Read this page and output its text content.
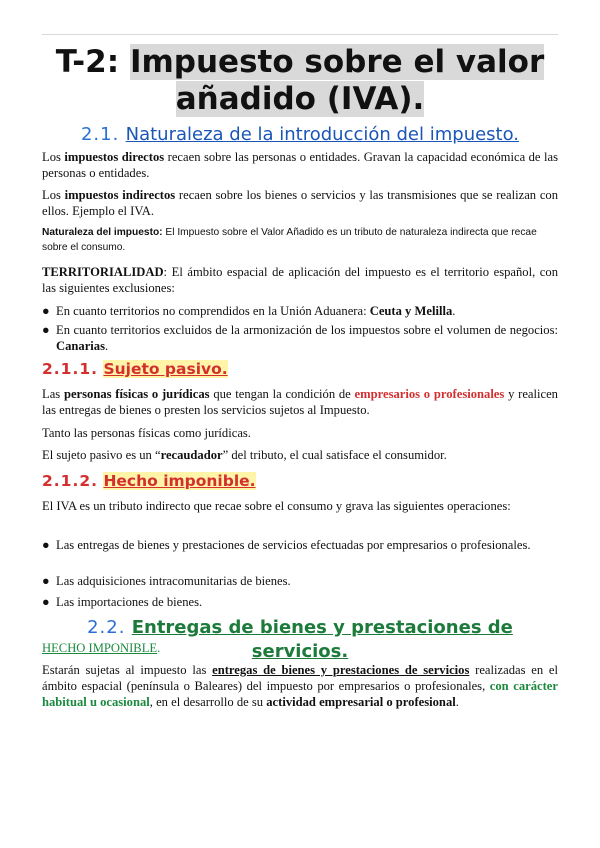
T-2: Impuesto sobre el valor añadido (IVA).
2.1. Naturaleza de la introducción del impuesto.
Los impuestos directos recaen sobre las personas o entidades. Gravan la capacidad económica de las personas o entidades.
Los impuestos indirectos recaen sobre los bienes o servicios y las transmisiones que se realizan con ellos. Ejemplo el IVA.
Naturaleza del impuesto: El Impuesto sobre el Valor Añadido es un tributo de naturaleza indirecta que recae sobre el consumo.
TERRITORIALIDAD: El ámbito espacial de aplicación del impuesto es el territorio español, con las siguientes exclusiones:
● En cuanto territorios no comprendidos en la Unión Aduanera: Ceuta y Melilla.
● En cuanto territorios excluidos de la armonización de los impuestos sobre el volumen de negocios: Canarias.
2.1.1. Sujeto pasivo.
Las personas físicas o jurídicas que tengan la condición de empresarios o profesionales y realicen las entregas de bienes o presten los servicios sujetos al Impuesto.
Tanto las personas físicas como jurídicas.
El sujeto pasivo es un “recaudador” del tributo, el cual satisface el consumidor.
2.1.2. Hecho imponible.
El IVA es un tributo indirecto que recae sobre el consumo y grava las siguientes operaciones:
● Las entregas de bienes y prestaciones de servicios efectuadas por empresarios o profesionales.
● Las adquisiciones intracomunitarias de bienes.
● Las importaciones de bienes.
2.2. Entregas de bienes y prestaciones de servicios.
HECHO IMPONIBLE.
Estarán sujetas al impuesto las entregas de bienes y prestaciones de servicios realizadas en el ámbito espacial (península o Baleares) del impuesto por empresarios o profesionales, con carácter habitual u ocasional, en el desarrollo de su actividad empresarial o profesional.
